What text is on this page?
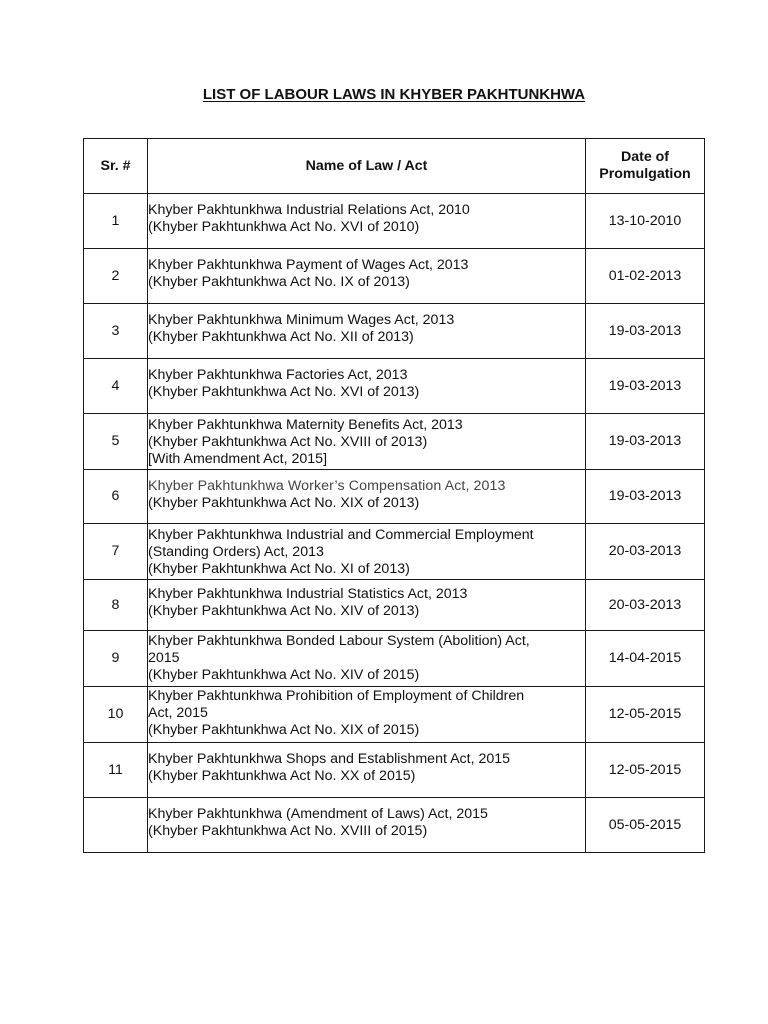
LIST OF LABOUR LAWS IN KHYBER PAKHTUNKHWA
Sr. #	Name of Law / Act	Date of
Promulgation

1	Khyber Pakhtunkhwa Industrial Relations Act, 2010
(Khyber Pakhtunkhwa Act No. XVI of 2010)	13-10-2010
2	Khyber Pakhtunkhwa Payment of Wages Act, 2013
(Khyber Pakhtunkhwa Act No. IX of 2013)	01-02-2013
3	Khyber Pakhtunkhwa Minimum Wages Act, 2013
(Khyber Pakhtunkhwa Act No. XII of 2013)	19-03-2013
4	Khyber Pakhtunkhwa Factories Act, 2013
(Khyber Pakhtunkhwa Act No. XVI of 2013)	19-03-2013
5	Khyber Pakhtunkhwa Maternity Benefits Act, 2013
(Khyber Pakhtunkhwa Act No. XVIII of 2013)
[With Amendment Act, 2015]	19-03-2013
6	Khyber Pakhtunkhwa Worker’s Compensation Act, 2013
(Khyber Pakhtunkhwa Act No. XIX of 2013)	19-03-2013
7	Khyber Pakhtunkhwa Industrial and Commercial Employment
(Standing Orders) Act, 2013
(Khyber Pakhtunkhwa Act No. XI of 2013)	20-03-2013
8	Khyber Pakhtunkhwa Industrial Statistics Act, 2013
(Khyber Pakhtunkhwa Act No. XIV of 2013)	20-03-2013
9	Khyber Pakhtunkhwa Bonded Labour System (Abolition) Act,
2015
(Khyber Pakhtunkhwa Act No. XIV of 2015)	14-04-2015
10	Khyber Pakhtunkhwa Prohibition of Employment of Children
Act, 2015
(Khyber Pakhtunkhwa Act No. XIX of 2015)	12-05-2015
11	Khyber Pakhtunkhwa Shops and Establishment Act, 2015
(Khyber Pakhtunkhwa Act No. XX of 2015)	12-05-2015

	Khyber Pakhtunkhwa (Amendment of Laws) Act, 2015
(Khyber Pakhtunkhwa Act No. XVIII of 2015)	05-05-2015
